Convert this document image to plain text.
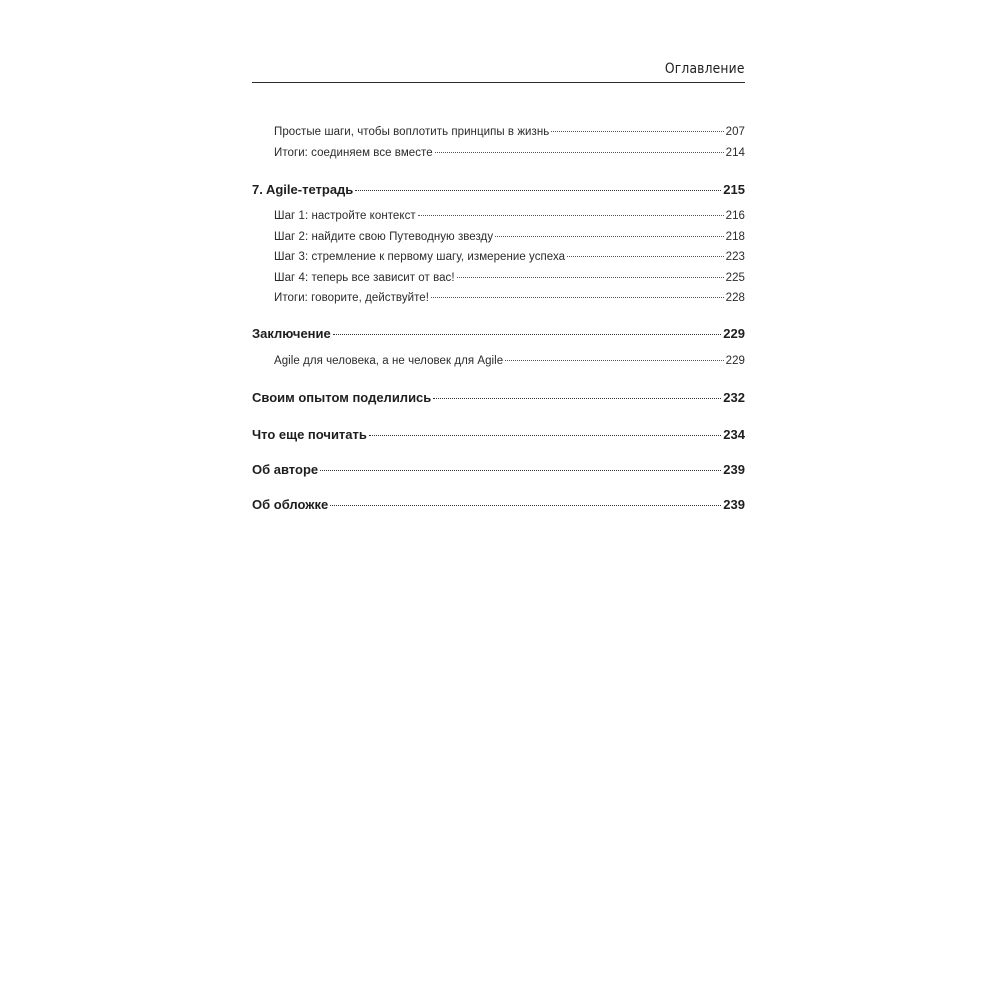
Оглавление
Простые шаги, чтобы воплотить принципы в жизнь	207
Итоги: соединяем все вместе	214
7. Agile-тетрадь	215
Шаг 1: настройте контекст	216
Шаг 2: найдите свою Путеводную звезду	218
Шаг 3: стремление к первому шагу, измерение успеха	223
Шаг 4: теперь все зависит от вас!	225
Итоги: говорите, действуйте!	228
Заключение	229
Agile для человека, а не человек для Agile	229
Своим опытом поделились	232
Что еще почитать	234
Об авторе	239
Об обложке	239
